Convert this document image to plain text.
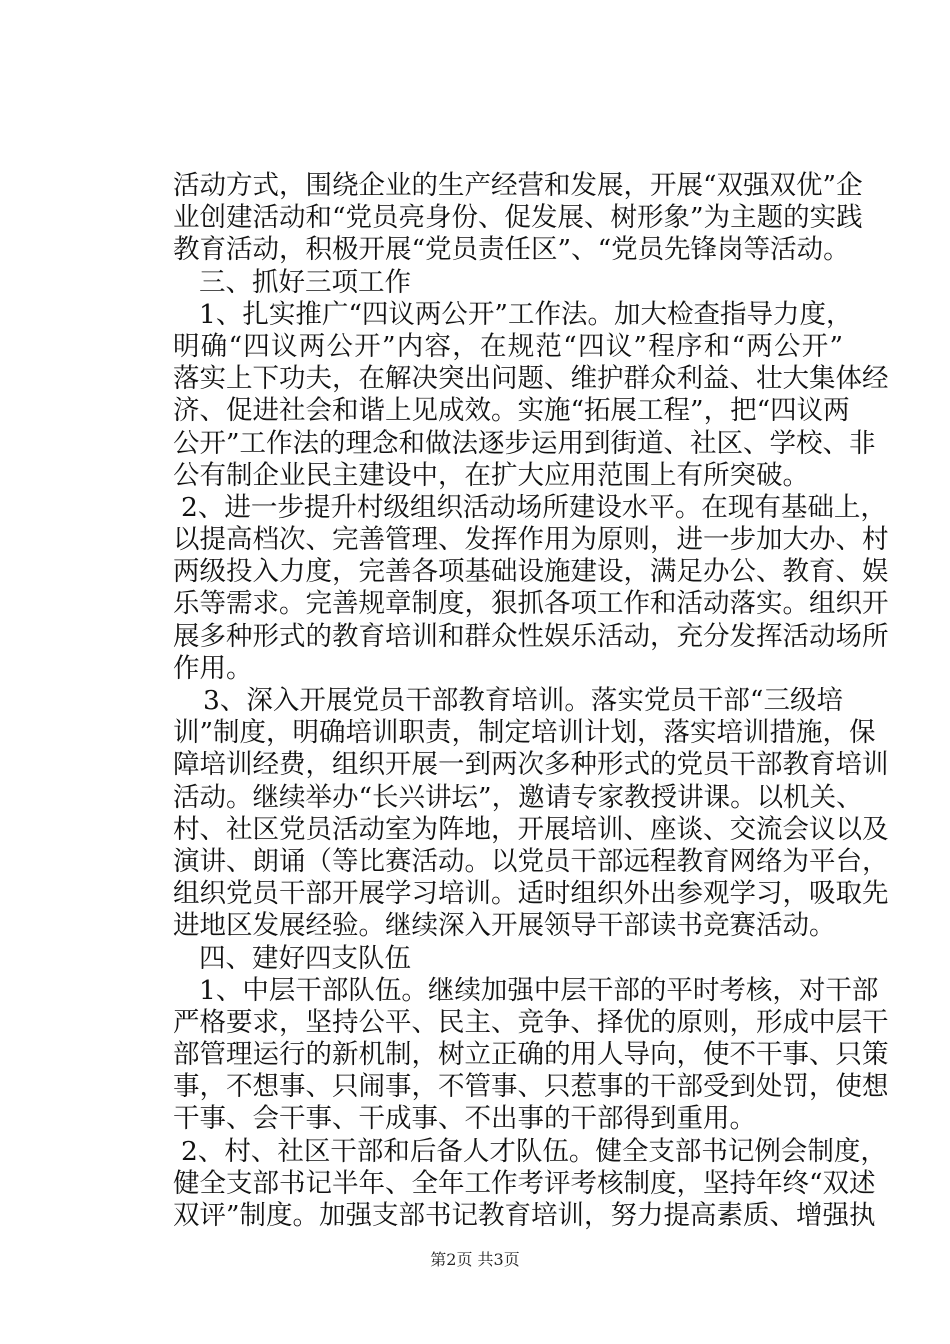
活动方式，围绕企业的生产经营和发展，开展“双强双优”企
业创建活动和“党员亮身份、促发展、树形象”为主题的实践
教育活动，积极开展“党员责任区”、“党员先锋岗等活动。
三、抓好三项工作
1、扎实推广“四议两公开”工作法。加大检查指导力度，
明确“四议两公开”内容，在规范“四议”程序和“两公开”
落实上下功夫，在解决突出问题、维护群众利益、壮大集体经
济、促进社会和谐上见成效。实施“拓展工程”，把“四议两
公开”工作法的理念和做法逐步运用到街道、社区、学校、非
公有制企业民主建设中，在扩大应用范围上有所突破。
2、进一步提升村级组织活动场所建设水平。在现有基础上，
以提高档次、完善管理、发挥作用为原则，进一步加大办、村
两级投入力度，完善各项基础设施建设，满足办公、教育、娱
乐等需求。完善规章制度，狠抓各项工作和活动落实。组织开
展多种形式的教育培训和群众性娱乐活动，充分发挥活动场所
作用。
3、深入开展党员干部教育培训。落实党员干部“三级培
训”制度，明确培训职责，制定培训计划，落实培训措施，保
障培训经费，组织开展一到两次多种形式的党员干部教育培训
活动。继续举办“长兴讲坛”，邀请专家教授讲课。以机关、
村、社区党员活动室为阵地，开展培训、座谈、交流会议以及
演讲、朗诵（等比赛活动。以党员干部远程教育网络为平台，
组织党员干部开展学习培训。适时组织外出参观学习，吸取先
进地区发展经验。继续深入开展领导干部读书竞赛活动。
四、建好四支队伍
1、中层干部队伍。继续加强中层干部的平时考核，对干部
严格要求，坚持公平、民主、竞争、择优的原则，形成中层干
部管理运行的新机制，树立正确的用人导向，使不干事、只策
事，不想事、只闹事，不管事、只惹事的干部受到处罚，使想
干事、会干事、干成事、不出事的干部得到重用。
2、村、社区干部和后备人才队伍。健全支部书记例会制度，
健全支部书记半年、全年工作考评考核制度，坚持年终“双述
双评”制度。加强支部书记教育培训，努力提高素质、增强执
第2页 共3页
